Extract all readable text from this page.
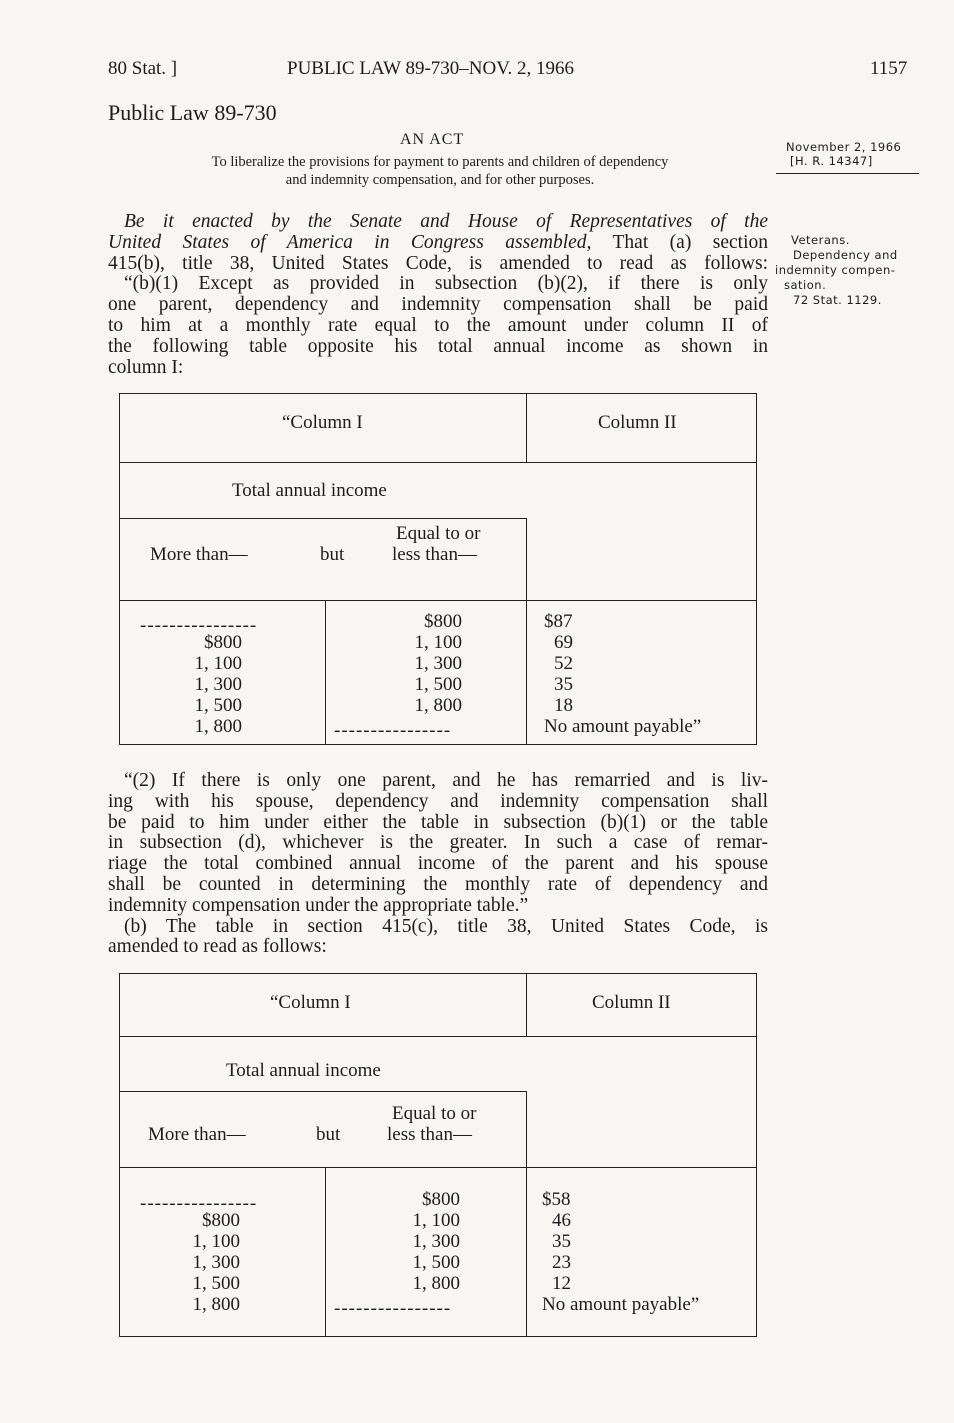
80 Stat. ]	PUBLIC LAW 89-730–NOV. 2, 1966	1157
Public Law 89-730
AN ACT
To liberalize the provisions for payment to parents and children of dependency
and indemnity compensation, and for other purposes.
November 2, 1966
[H. R. 14347]
Veterans.
Dependency and
indemnity compen-
sation.
72 Stat. 1129.
Be it enacted by the Senate and House of Representatives of the
United States of America in Congress assembled, That (a) section
415(b), title 38, United States Code, is amended to read as follows:
“(b)(1) Except as provided in subsection (b)(2), if there is only
one parent, dependency and indemnity compensation shall be paid
to him at a monthly rate equal to the amount under column II of
the following table opposite his total annual income as shown in
column I:
“Column I	Column II
Total annual income
More than—	but
Equal to or
less than—
----------------	$800	$87
$800	1, 100	69
1, 100	1, 300	52
1, 300	1, 500	35
1, 500	1, 800	18
1, 800	----------------	No amount payable”
“(2) If there is only one parent, and he has remarried and is liv-
ing with his spouse, dependency and indemnity compensation shall
be paid to him under either the table in subsection (b)(1) or the table
in subsection (d), whichever is the greater. In such a case of remar-
riage the total combined annual income of the parent and his spouse
shall be counted in determining the monthly rate of dependency and
indemnity compensation under the appropriate table.”
(b) The table in section 415(c), title 38, United States Code, is
amended to read as follows:
“Column I	Column II
Total annual income
More than—	but
Equal to or
less than—
----------------	$800	$58
$800	1, 100	46
1, 100	1, 300	35
1, 300	1, 500	23
1, 500	1, 800	12
1, 800	----------------	No amount payable”
